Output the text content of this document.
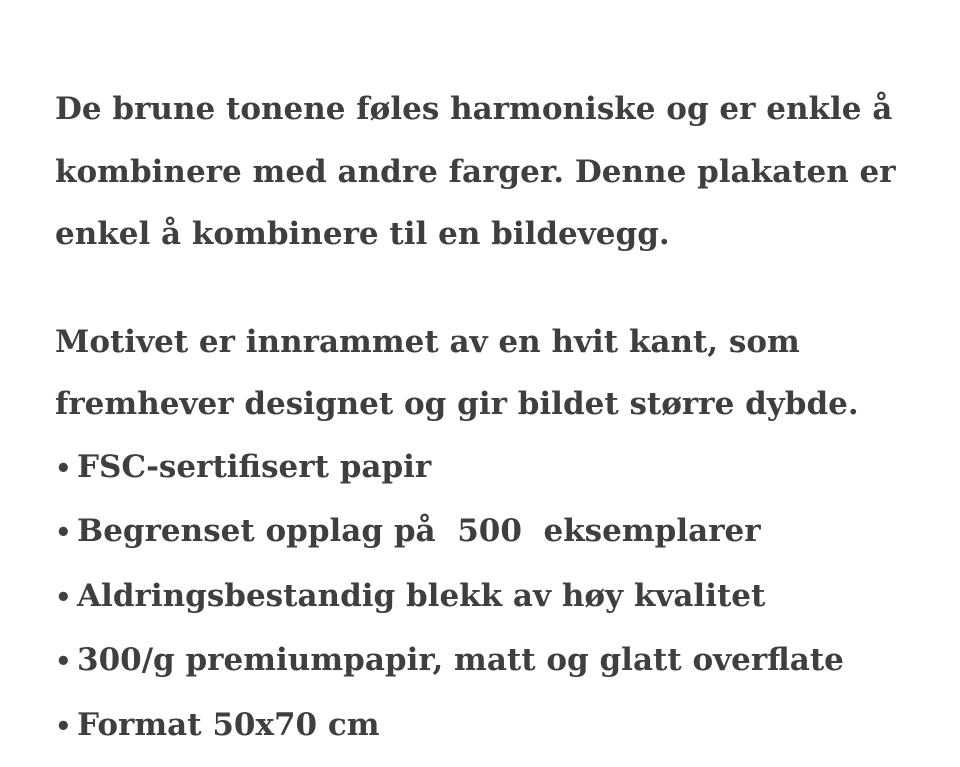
De brune tonene føles harmoniske og er enkle å kombinere med andre farger. Denne plakaten er enkel å kombinere til en bildevegg.

Motivet er innrammet av en hvit kant, som fremhever designet og gir bildet større dybde.
• FSC-sertifisert papir
• Begrenset opplag på  500  eksemplarer
• Aldringsbestandig blekk av høy kvalitet
• 300/g premiumpapir, matt og glatt overflate
• Format 50x70 cm
